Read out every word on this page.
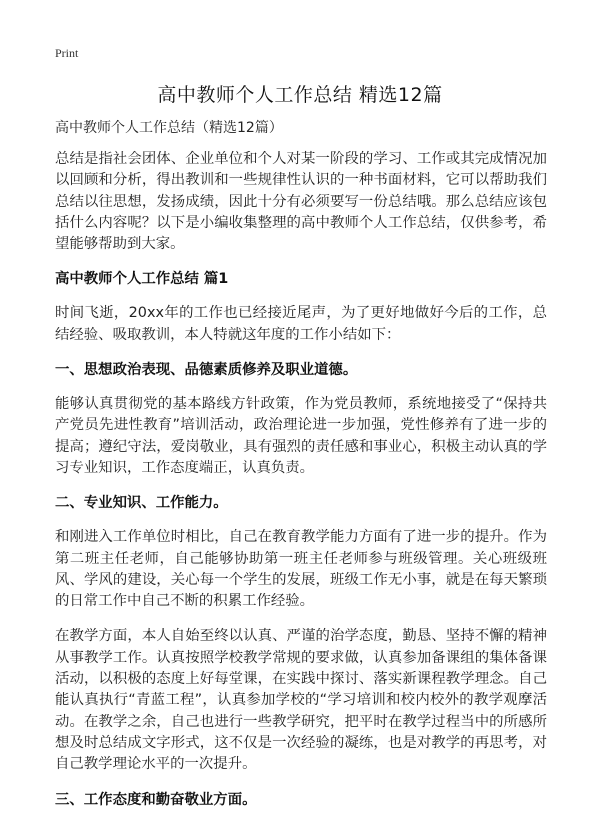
Print
高中教师个人工作总结 精选12篇
高中教师个人工作总结（精选12篇）

总结是指社会团体、企业单位和个人对某一阶段的学习、工作或其完成情况加以回顾和分析，得出教训和一些规律性认识的一种书面材料，它可以帮助我们总结以往思想，发扬成绩，因此十分有必须要写一份总结哦。那么总结应该包括什么内容呢？以下是小编收集整理的高中教师个人工作总结，仅供参考，希望能够帮助到大家。

高中教师个人工作总结 篇1

时间飞逝，20xx年的工作也已经接近尾声，为了更好地做好今后的工作，总结经验、吸取教训，本人特就这年度的工作小结如下：

一、思想政治表现、品德素质修养及职业道德。

能够认真贯彻党的基本路线方针政策，作为党员教师，系统地接受了“保持共产党员先进性教育”培训活动，政治理论进一步加强，党性修养有了进一步的提高；遵纪守法，爱岗敬业，具有强烈的责任感和事业心，积极主动认真的学习专业知识，工作态度端正，认真负责。

二、专业知识、工作能力。

和刚进入工作单位时相比，自己在教育教学能力方面有了进一步的提升。作为第二班主任老师，自己能够协助第一班主任老师参与班级管理。关心班级班风、学风的建设，关心每一个学生的发展，班级工作无小事，就是在每天繁琐的日常工作中自己不断的积累工作经验。

在教学方面，本人自始至终以认真、严谨的治学态度，勤恳、坚持不懈的精神从事教学工作。认真按照学校教学常规的要求做，认真参加备课组的集体备课活动，以积极的态度上好每堂课，在实践中探讨、落实新课程教学理念。自己能认真执行“青蓝工程”，认真参加学校的“学习培训和校内校外的教学观摩活动。在教学之余，自己也进行一些教学研究，把平时在教学过程当中的所感所想及时总结成文字形式，这不仅是一次经验的凝练，也是对教学的再思考，对自己教学理论水平的一次提升。

三、工作态度和勤奋敬业方面。
